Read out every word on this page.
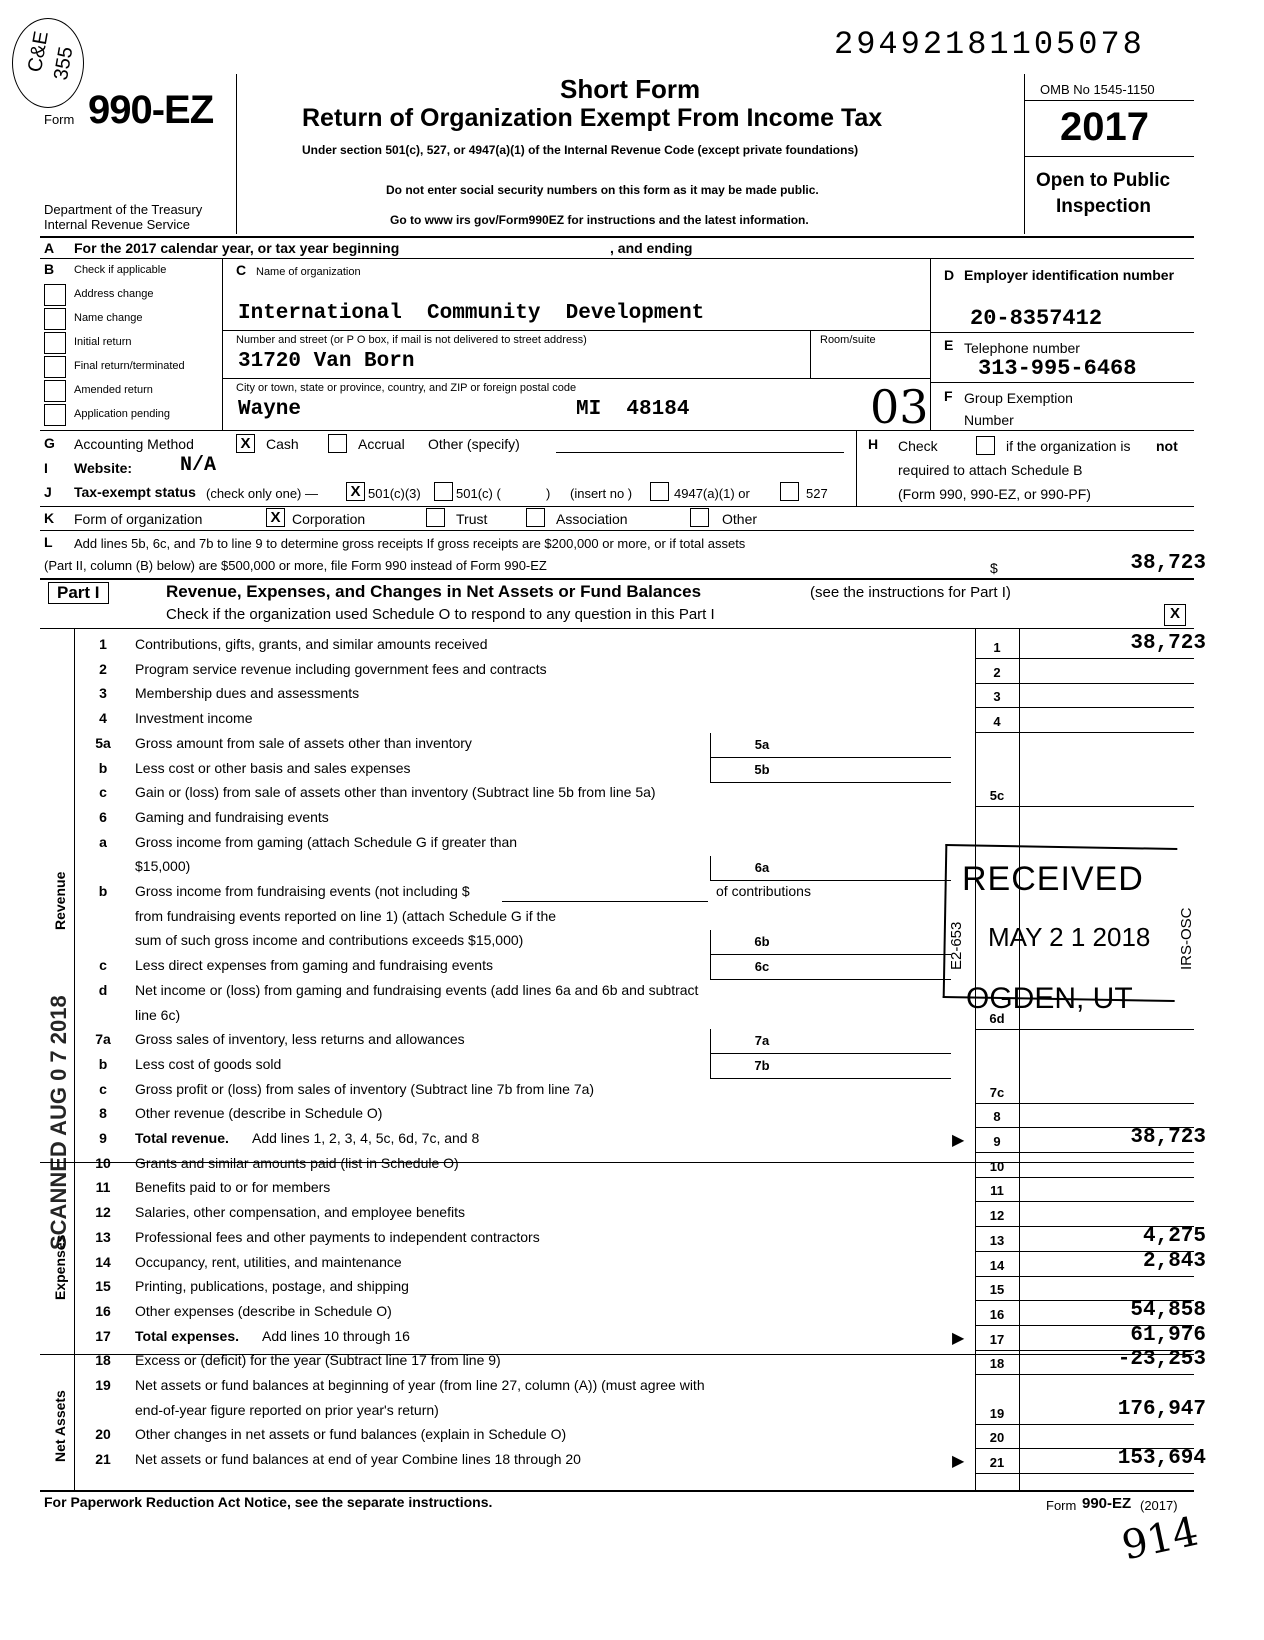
C&E
355
29492181105078
Form 990-EZ
Department of the Treasury
Internal Revenue Service
Short Form
Return of Organization Exempt From Income Tax
Under section 501(c), 527, or 4947(a)(1) of the Internal Revenue Code (except private foundations)
Do not enter social security numbers on this form as it may be made public.
Go to www irs gov/Form990EZ for instructions and the latest information.
OMB No 1545-1150
2017
Open to Public
Inspection
A For the 2017 calendar year, or tax year beginning	, and ending
B Check if applicable
Address change
Name change
Initial return
Final return/terminated
Amended return
Application pending
C Name of organization
International  Community  Development
Number and street (or P O box, if mail is not delivered to street address)	Room/suite
31720 Van Born
City or town, state or province, country, and ZIP or foreign postal code
Wayne	MI  48184	03
D Employer identification number
20-8357412
E Telephone number
313-995-6468
F Group Exemption
Number
G Accounting Method	X	Cash	Accrual Other (specify)	H Check	if the organization is not
required to attach Schedule B
(Form 990, 990-EZ, or 990-PF)
I Website: N/A
J Tax-exempt status (check only one) — X 501(c)(3)	501(c) (	) (insert no )	4947(a)(1) or	527
K Form of organization	X Corporation	Trust	Association	Other
L Add lines 5b, 6c, and 7b to line 9 to determine gross receipts If gross receipts are $200,000 or more, or if total assets
(Part II, column (B) below) are $500,000 or more, file Form 990 instead of Form 990-EZ	$	38,723
Part I	Revenue, Expenses, and Changes in Net Assets or Fund Balances	(see the instructions for Part I)
Check if the organization used Schedule O to respond to any question in this Part I	X
Revenue
Expenses
Net Assets
1	Contributions, gifts, grants, and similar amounts received	1	38,723
2	Program service revenue including government fees and contracts	2
3	Membership dues and assessments	3
4	Investment income	4
5a	Gross amount from sale of assets other than inventory	5a
b	Less cost or other basis and sales expenses	5b
c	Gain or (loss) from sale of assets other than inventory (Subtract line 5b from line 5a)	5c
6	Gaming and fundraising events
a	Gross income from gaming (attach Schedule G if greater than
$15,000)	6a
b	Gross income from fundraising events (not including $	of contributions
from fundraising events reported on line 1) (attach Schedule G if the
sum of such gross income and contributions exceeds $15,000)	6b
c	Less direct expenses from gaming and fundraising events	6c
d	Net income or (loss) from gaming and fundraising events (add lines 6a and 6b and subtract
line 6c)	6d
7a	Gross sales of inventory, less returns and allowances	7a
b	Less cost of goods sold	7b
c	Gross profit or (loss) from sales of inventory (Subtract line 7b from line 7a)	7c
8	Other revenue (describe in Schedule O)	8
9	Total revenue. Add lines 1, 2, 3, 4, 5c, 6d, 7c, and 8	9	38,723
▶
10	Grants and similar amounts paid (list in Schedule O)	10
11	Benefits paid to or for members	11
12	Salaries, other compensation, and employee benefits	12
13	Professional fees and other payments to independent contractors	13	4,275
14	Occupancy, rent, utilities, and maintenance	14	2,843
15	Printing, publications, postage, and shipping	15
16	Other expenses (describe in Schedule O)	16	54,858
17	Total expenses. Add lines 10 through 16	17	61,976
▶
18	Excess or (deficit) for the year (Subtract line 17 from line 9)	18	-23,253
19	Net assets or fund balances at beginning of year (from line 27, column (A)) (must agree with
end-of-year figure reported on prior year's return)	19	176,947
20	Other changes in net assets or fund balances (explain in Schedule O)	20
21	Net assets or fund balances at end of year Combine lines 18 through 20	21	153,694
▶
RECEIVED
MAY 2 1 2018
OGDEN, UT
E2-653	IRS-OSC
SCANNED AUG 0 7 2018
For Paperwork Reduction Act Notice, see the separate instructions.	Form 990-EZ (2017)
914
